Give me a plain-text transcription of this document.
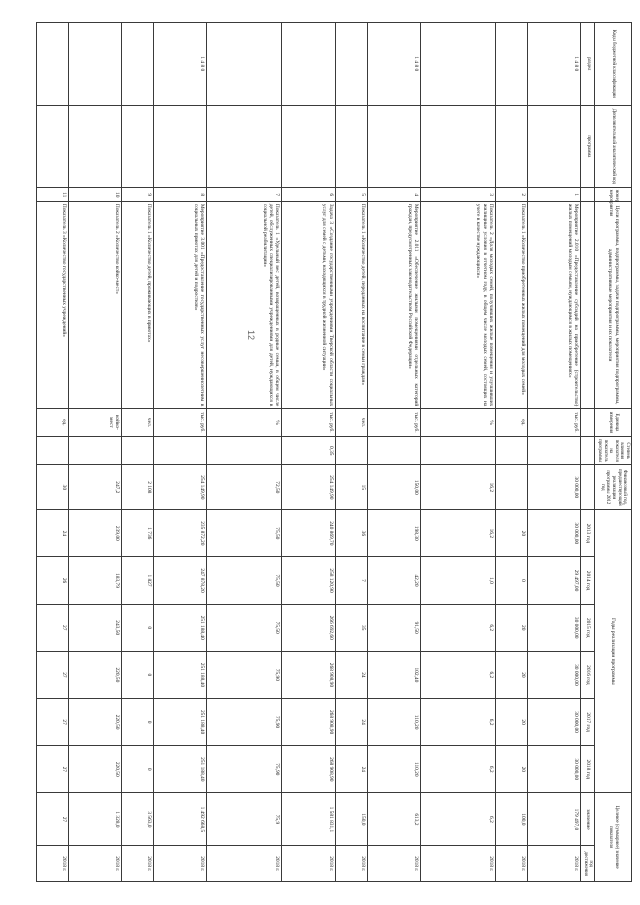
12
Коды бюджетной классификации	Дополнительный аналитический код	номер мероприятия	Цели программы, подпрограммы, задачи подпрограммы, мероприятия подпрограммы, административные мероприятия и их показатели	Единица измерения	Степень влияния показателя на показатель программы	Финансовый год, предшествующий реализации программы 2012 год	Годы реализации программы						Целевое (суммарное) значение показателя	
раздел	программа						2013 год	2014 год	2015 год	2016 год	2017 год	2018 год	значение	год достижения
1 4 8 0		1	Мероприятие 2.010 «Предоставление субсидий на приобретение (строительство) жилых помещений молодым семьям, нуждающимся в жилых помещениях»	тыс. руб.		30 000,00	30 000,00	29 497,00	30 000,00	30 000,00	30 000,00	30 000,00	179 497,0	2018 г.
		2	Показатель 1 «Количество приобретенных жилых помещений для молодых семей»	ед.			20	0	20	20	20	20	100,0	2018 г.
		3	Показатель 2 «Доля молодых семей, получивших жилые помещения и улучшивших жилищные условия в отчетном году, в общем числе молодых семей, состоящих на учете в качестве нуждающихся»	%		16,2	16,2	1,0	6,2	6,2	6,2	6,2	6,2	2018 г.
1 4 8 0		4	Мероприятие 2.011 «Обеспечение жилыми помещениями отдельных категорий граждан, предусмотренных законодательством Российской Федерации»	тыс. руб.		150,00	198,30	42,20	91,50	102,40	110,20	110,20	613,2	2018 г.
		5	Показатель 1 «Количество детей, переданных на воспитание в семьи граждан»	чел.		15	36	7	35	24	24	24	150,0	2018 г.
		6	Задача 3 «Создание государственными учреждениями Тверской области социальных услуг для семей с детьми, находящихся в трудной жизненной ситуации»	тыс. руб.	0,35	254 149,90	240 869,70	258 120,90	266 692,60	268 908,90	268 908,90	268 908,90	1 581 831,1	2018 г.
		7	Показатель 1 «Удельный вес детей, возвращенных в родные семьи, в общем числе детей, обслуженных специализированными учреждениями для детей, нуждающихся в социальной реабилитации»	%		72,50	75,50	75,50	75,50	75,90	75,90	75,90	75,9	2018 г.
1 4 8 0		8	Мероприятие 3.001 «Предоставление государственных услуг несовершеннолетним в социальных приютах для детей и подростков»	тыс. руб.		254 149,90	235 872,20	247 878,20	251 188,40	251 188,40	251 188,40	251 188,40	1 492 668,5	2018 г.
		9	Показатель 1 «Количество детей, проживающих в приютах»	чел.		2 108	1 736	1 827	0	0	0	0	3 563,0	2018 г.
		10	Показатель 2 «Количество койко-мест»	койко-мест		247,2	239,00	183,79	243,50	220,50	220,50	220,50	1 328,0	2018 г.
		11	Показатель 3 «Количество государственных учреждений»	ед.		30	24	26	27	27	27	27	27	2018 г.
